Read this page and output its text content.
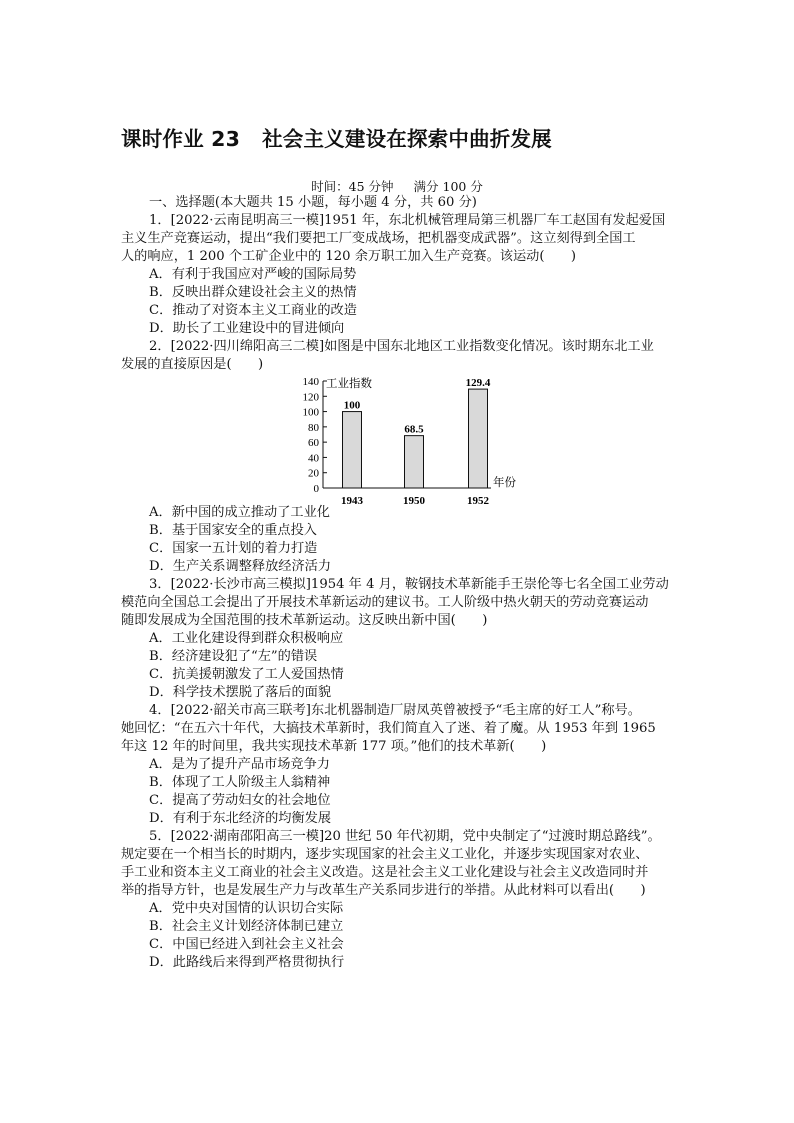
课时作业 23 社会主义建设在探索中曲折发展
时间：45 分钟 满分 100 分
一、选择题(本大题共 15 小题，每小题 4 分，共 60 分)
1．[2022·云南昆明高三一模]1951 年，东北机械管理局第三机器厂车工赵国有发起爱国
主义生产竞赛运动，提出“我们要把工厂变成战场，把机器变成武器”。这立刻得到全国工
人的响应，1 200 个工矿企业中的 120 余万职工加入生产竞赛。该运动(　　)
A．有利于我国应对严峻的国际局势
B．反映出群众建设社会主义的热情
C．推动了对资本主义工商业的改造
D．助长了工业建设中的冒进倾向
2．[2022·四川绵阳高三二模]如图是中国东北地区工业指数变化情况。该时期东北工业
发展的直接原因是(　　)
0
20
40
60
80
100
120
140 工业指数
100
1943
68.5
1950
129.4
1952
年份
A．新中国的成立推动了工业化
B．基于国家安全的重点投入
C．国家一五计划的着力打造
D．生产关系调整释放经济活力
3．[2022·长沙市高三模拟]1954 年 4 月，鞍钢技术革新能手王崇伦等七名全国工业劳动
模范向全国总工会提出了开展技术革新运动的建议书。工人阶级中热火朝天的劳动竞赛运动
随即发展成为全国范围的技术革新运动。这反映出新中国(　　)
A．工业化建设得到群众积极响应
B．经济建设犯了“左”的错误
C．抗美援朝激发了工人爱国热情
D．科学技术摆脱了落后的面貌
4．[2022·韶关市高三联考]东北机器制造厂尉凤英曾被授予“毛主席的好工人”称号。
她回忆：“在五六十年代，大搞技术革新时，我们简直入了迷、着了魔。从 1953 年到 1965
年这 12 年的时间里，我共实现技术革新 177 项。”他们的技术革新(　　)
A．是为了提升产品市场竞争力
B．体现了工人阶级主人翁精神
C．提高了劳动妇女的社会地位
D．有利于东北经济的均衡发展
5．[2022·湖南邵阳高三一模]20 世纪 50 年代初期，党中央制定了“过渡时期总路线”。
规定要在一个相当长的时期内，逐步实现国家的社会主义工业化，并逐步实现国家对农业、
手工业和资本主义工商业的社会主义改造。这是社会主义工业化建设与社会主义改造同时并
举的指导方针，也是发展生产力与改革生产关系同步进行的举措。从此材料可以看出(　　)
A．党中央对国情的认识切合实际
B．社会主义计划经济体制已建立
C．中国已经进入到社会主义社会
D．此路线后来得到严格贯彻执行
